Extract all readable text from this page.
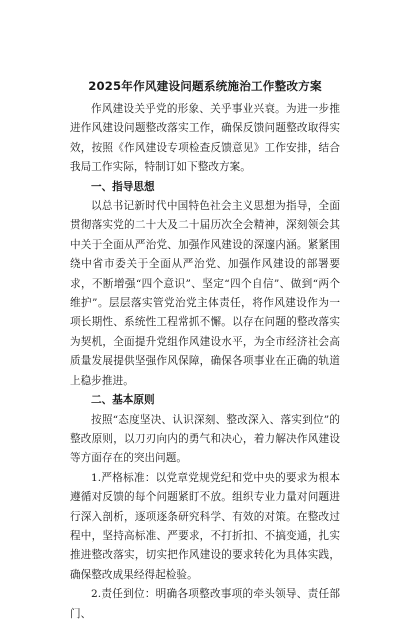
2025年作风建设问题系统施治工作整改方案

作风建设关乎党的形象、关乎事业兴衰。为进一步推进作风建设问题整改落实工作，确保反馈问题整改取得实效，按照《作风建设专项检查反馈意见》工作安排，结合我局工作实际，特制订如下整改方案。

一、指导思想

以总书记新时代中国特色社会主义思想为指导，全面贯彻落实党的二十大及二十届历次全会精神，深刻领会其中关于全面从严治党、加强作风建设的深邃内涵。紧紧围绕中省市委关于全面从严治党、加强作风建设的部署要求，不断增强“四个意识”、坚定“四个自信”、做到“两个维护”。层层落实管党治党主体责任，将作风建设作为一项长期性、系统性工程常抓不懈。以存在问题的整改落实为契机，全面提升党组作风建设水平，为全市经济社会高质量发展提供坚强作风保障，确保各项事业在正确的轨道上稳步推进。

二、基本原则

按照“态度坚决、认识深刻、整改深入、落实到位”的整改原则，以刀刃向内的勇气和决心，着力解决作风建设等方面存在的突出问题。

1.严格标准：以党章党规党纪和党中央的要求为根本遵循对反馈的每个问题紧盯不放。组织专业力量对问题进行深入剖析，逐项逐条研究科学、有效的对策。在整改过程中，坚持高标准、严要求，不打折扣、不搞变通，扎实推进整改落实，切实把作风建设的要求转化为具体实践，确保整改成果经得起检验。

2.责任到位：明确各项整改事项的牵头领导、责任部门、
